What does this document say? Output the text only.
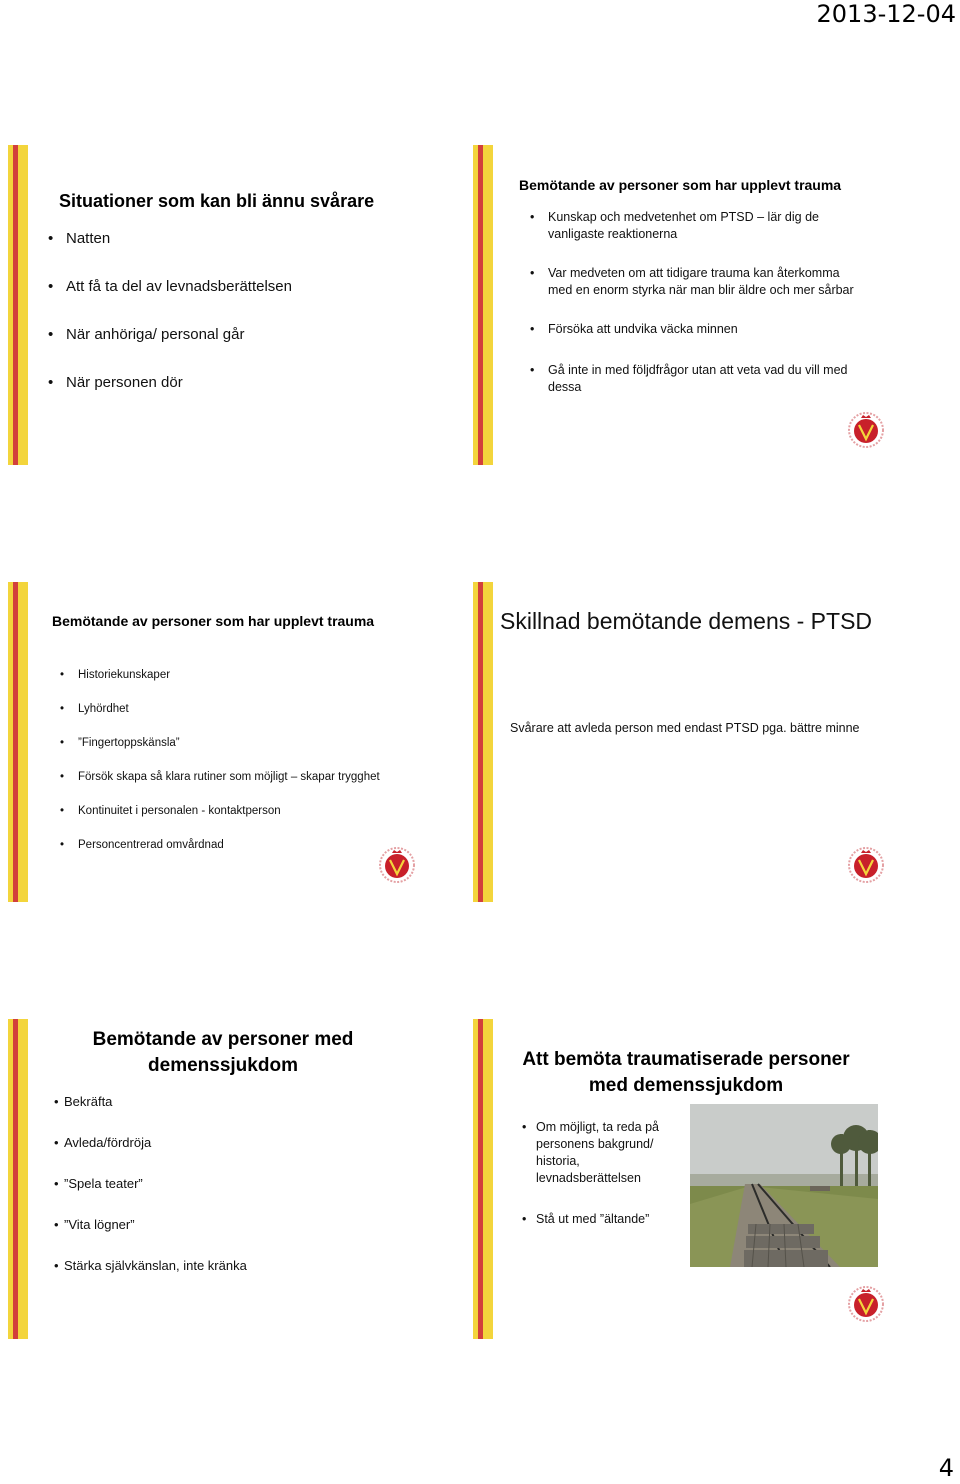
2013-12-04
Situationer som kan bli ännu svårare
• Natten
• Att få ta del av levnadsberättelsen
• När anhöriga/ personal går
• När personen dör
Bemötande av personer som har upplevt trauma
• Kunskap och medvetenhet om PTSD – lär dig de vanligaste reaktionerna
• Var medveten om att tidigare trauma kan återkomma med en enorm styrka när man blir äldre och mer sårbar
• Försöka att undvika väcka minnen
• Gå inte in med följdfrågor utan att veta vad du vill med dessa
Bemötande av personer som har upplevt trauma
• Historiekunskaper
• Lyhördhet
• ”Fingertoppskänsla”
• Försök skapa så klara rutiner som möjligt – skapar trygghet
• Kontinuitet i personalen - kontaktperson
• Personcentrerad omvårdnad
Skillnad bemötande demens - PTSD
Svårare att avleda person med endast PTSD pga. bättre minne
Bemötande av personer med demenssjukdom
• Bekräfta
• Avleda/fördröja
• ”Spela teater”
• ”Vita lögner”
• Stärka självkänslan, inte kränka
Att bemöta traumatiserade personer med demenssjukdom
• Om möjligt, ta reda på personens bakgrund/ historia, levnadsberättelsen
• Stå ut med ”ältande”
4
